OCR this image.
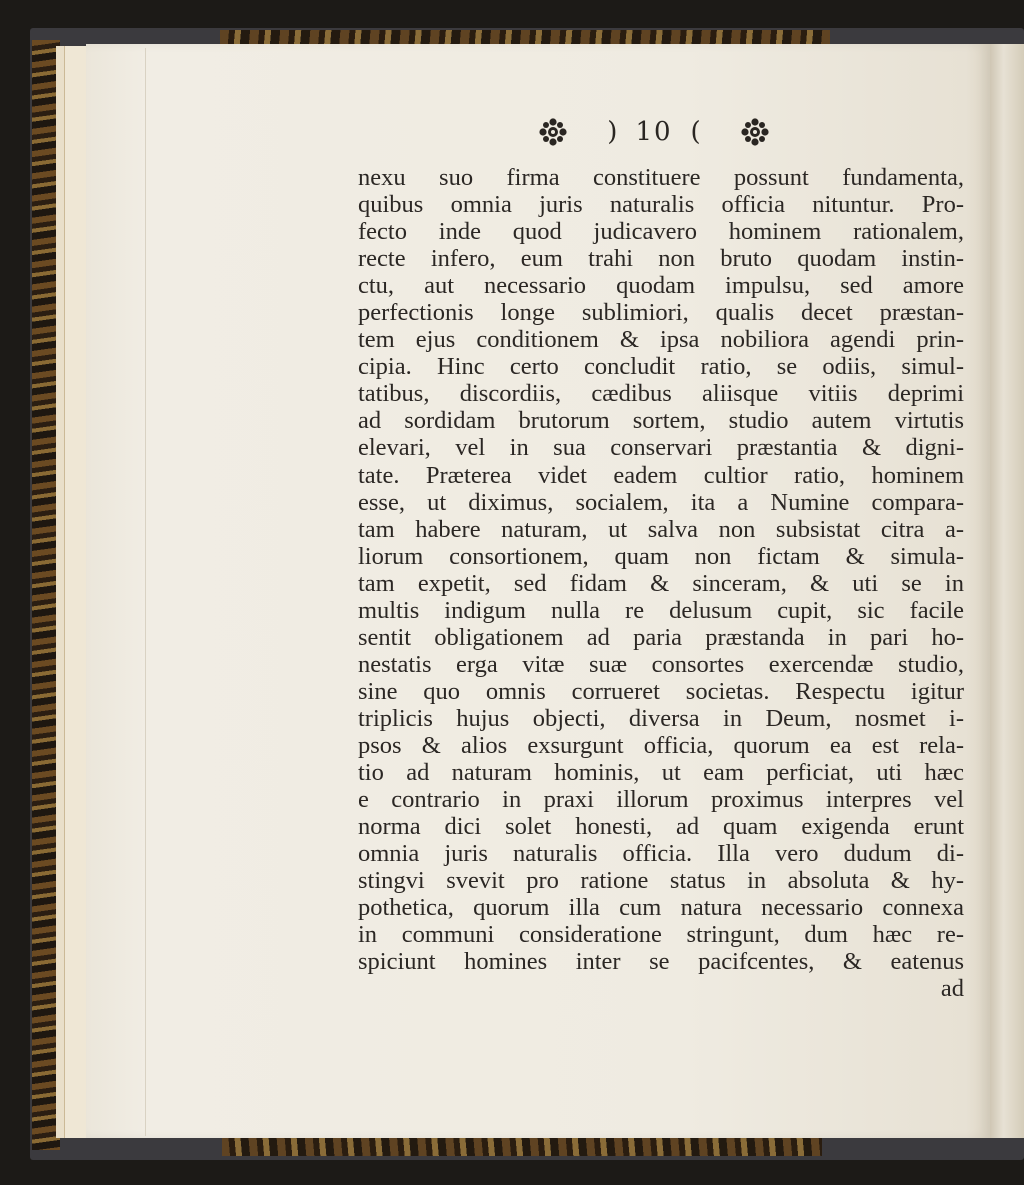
) 10 (
nexu suo firma constituere possunt fundamenta,
quibus omnia juris naturalis officia nituntur. Pro-
fecto inde quod judicavero hominem rationalem,
recte infero, eum trahi non bruto quodam instin-
ctu, aut necessario quodam impulsu, sed amore
perfectionis longe sublimiori, qualis decet præstan-
tem ejus conditionem & ipsa nobiliora agendi prin-
cipia. Hinc certo concludit ratio, se odiis, simul-
tatibus, discordiis, cædibus aliisque vitiis deprimi
ad sordidam brutorum sortem, studio autem virtutis
elevari, vel in sua conservari præstantia & digni-
tate. Præterea videt eadem cultior ratio, hominem
esse, ut diximus, socialem, ita a Numine compara-
tam habere naturam, ut salva non subsistat citra a-
liorum consortionem, quam non fictam & simula-
tam expetit, sed fidam & sinceram, & uti se in
multis indigum nulla re delusum cupit, sic facile
sentit obligationem ad paria præstanda in pari ho-
nestatis erga vitæ suæ consortes exercendæ studio,
sine quo omnis corrueret societas. Respectu igitur
triplicis hujus objecti, diversa in Deum, nosmet i-
psos & alios exsurgunt officia, quorum ea est rela-
tio ad naturam hominis, ut eam perficiat, uti hæc
e contrario in praxi illorum proximus interpres vel
norma dici solet honesti, ad quam exigenda erunt
omnia juris naturalis officia. Illa vero dudum di-
stingvi svevit pro ratione status in absoluta & hy-
pothetica, quorum illa cum natura necessario connexa
in communi consideratione stringunt, dum hæc re-
spiciunt homines inter se pacifcentes, & eatenus
ad
